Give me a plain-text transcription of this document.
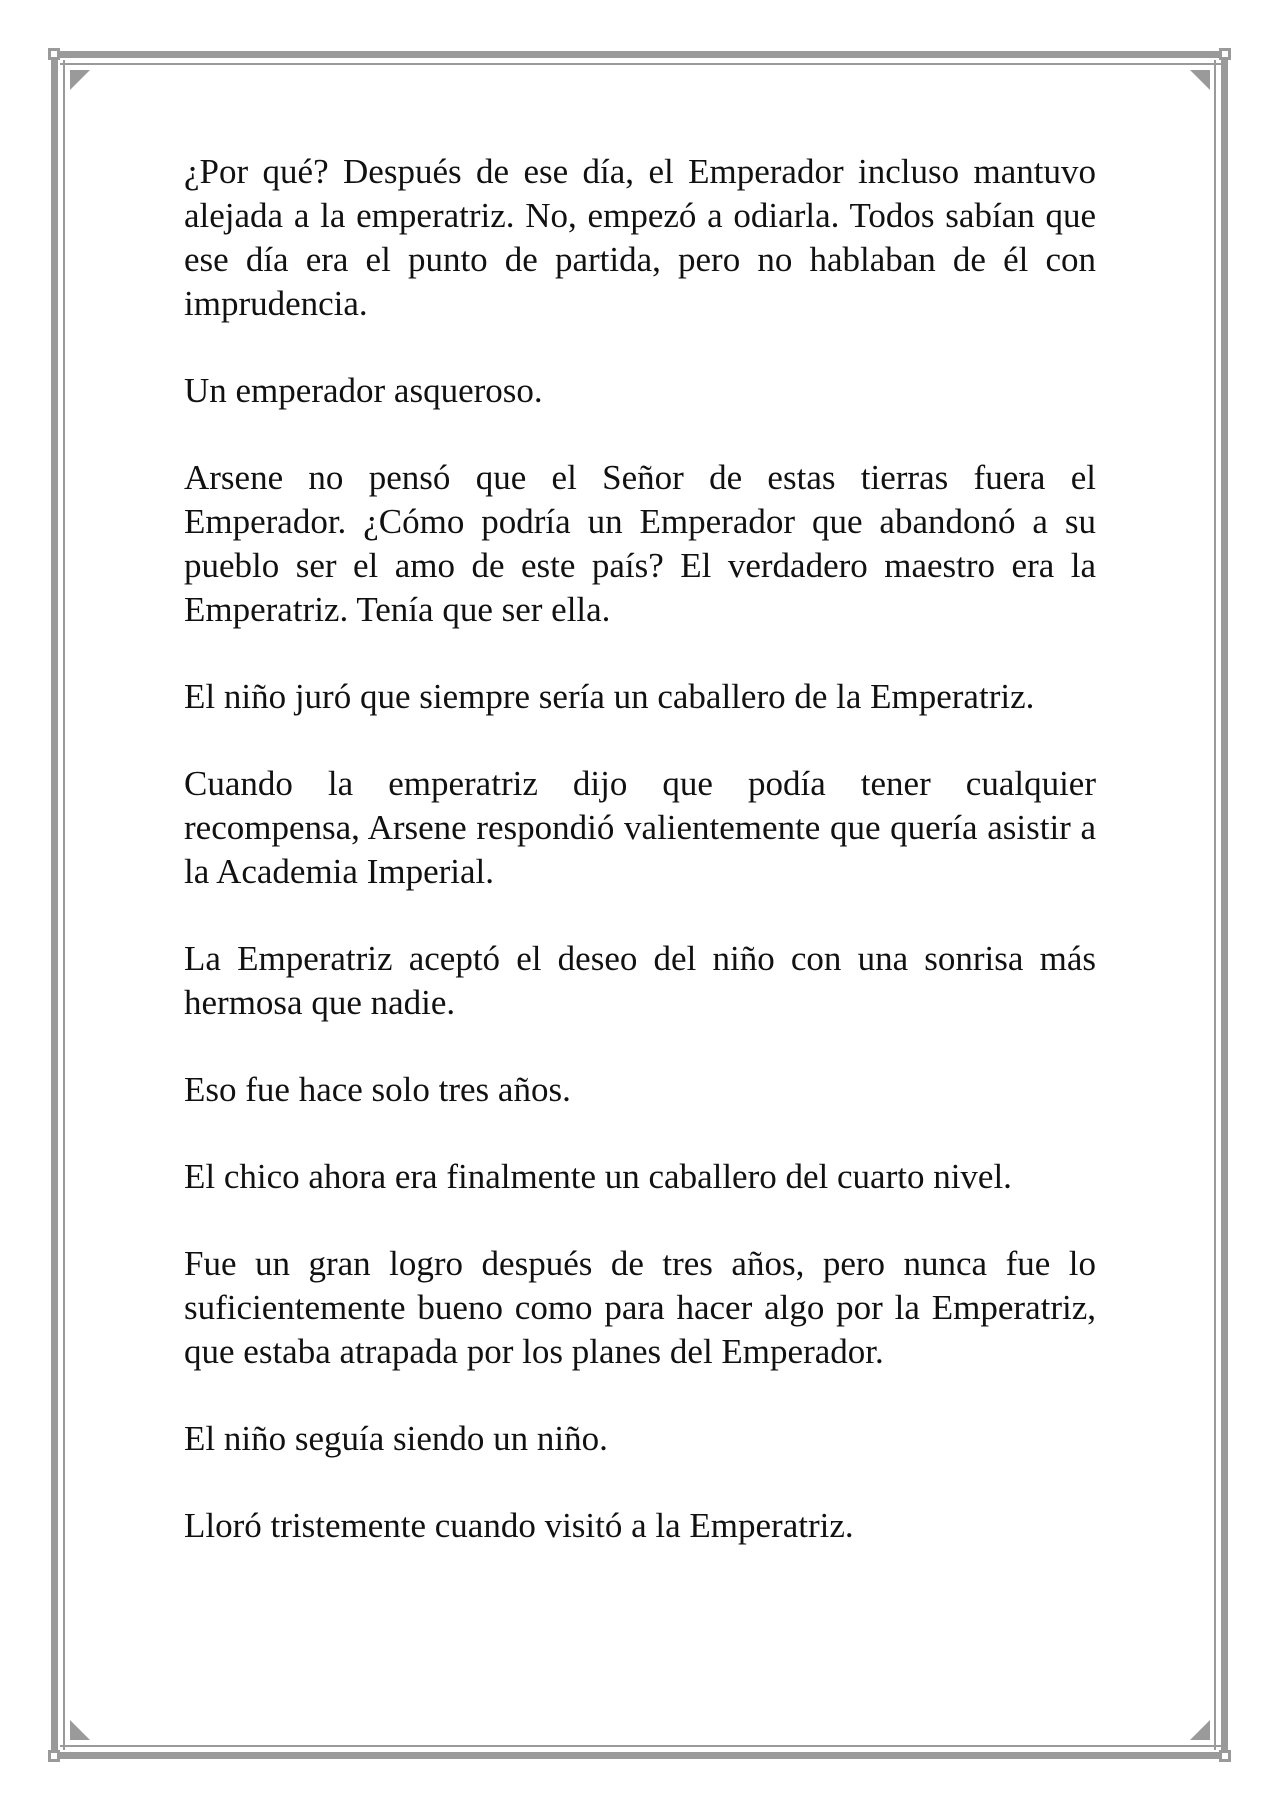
¿Por qué? Después de ese día, el Emperador incluso mantuvo alejada a la emperatriz. No, empezó a odiarla. Todos sabían que ese día era el punto de partida, pero no hablaban de él con imprudencia.

Un emperador asqueroso.

Arsene no pensó que el Señor de estas tierras fuera el Emperador. ¿Cómo podría un Emperador que abandonó a su pueblo ser el amo de este país? El verdadero maestro era la Emperatriz. Tenía que ser ella.

El niño juró que siempre sería un caballero de la Emperatriz.

Cuando la emperatriz dijo que podía tener cualquier recompensa, Arsene respondió valientemente que quería asistir a la Academia Imperial.

La Emperatriz aceptó el deseo del niño con una sonrisa más hermosa que nadie.

Eso fue hace solo tres años.

El chico ahora era finalmente un caballero del cuarto nivel.

Fue un gran logro después de tres años, pero nunca fue lo suficientemente bueno como para hacer algo por la Emperatriz, que estaba atrapada por los planes del Emperador.

El niño seguía siendo un niño.

Lloró tristemente cuando visitó a la Emperatriz.
